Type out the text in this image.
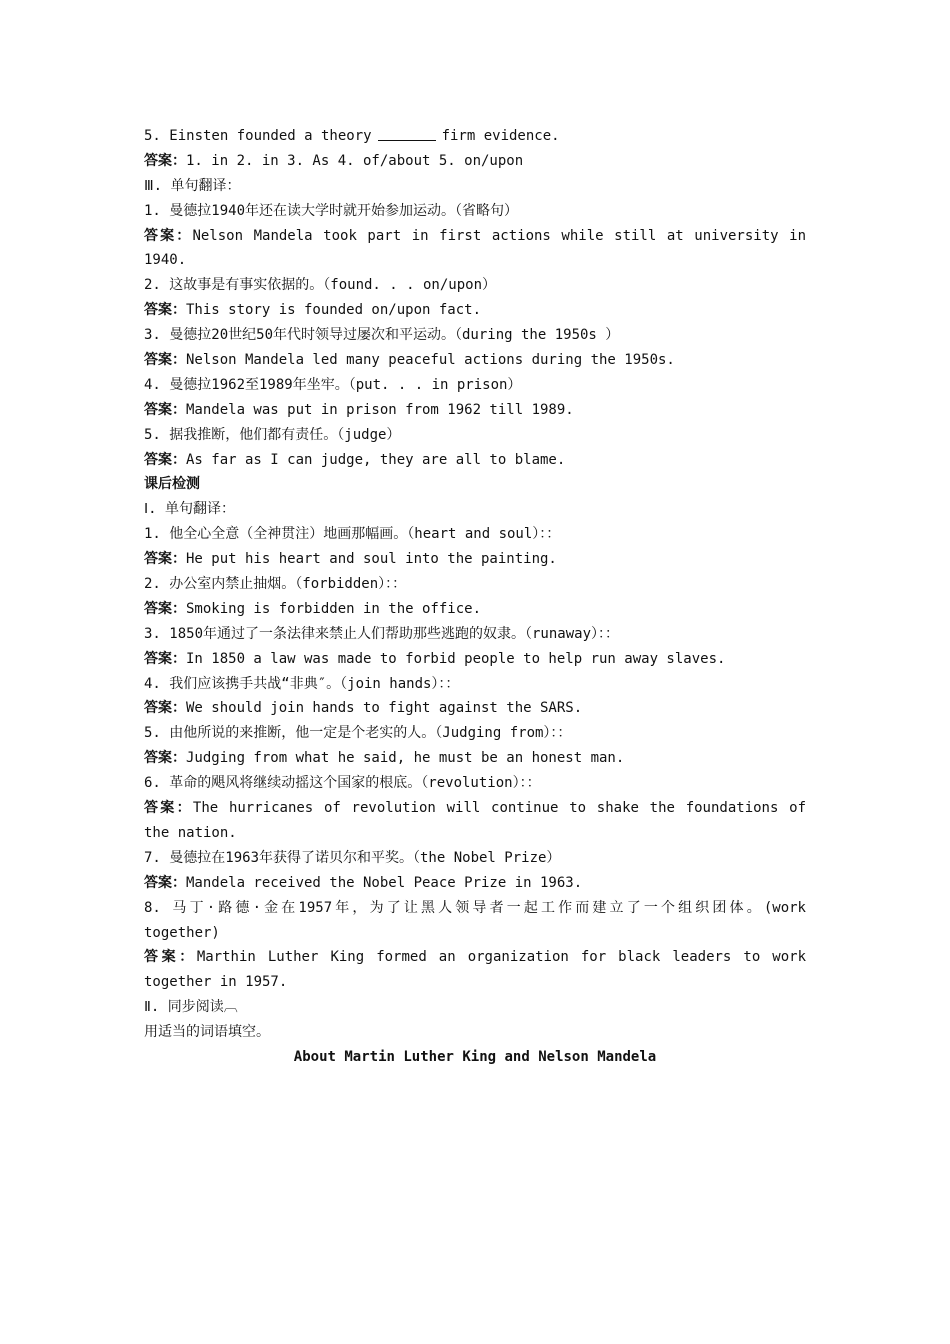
5. Einsten founded a theory	firm evidence.
答案：1. in 2. in 3. As 4. of/about 5. on/upon
Ⅲ. 单句翻译：
1. 曼德拉1940年还在读大学时就开始参加运动。（省略句）
答案：Nelson Mandela took part in first actions while still at university in
1940.
2. 这故事是有事实依据的。（found. . . on/upon）
答案：This story is founded on/upon fact.
3. 曼德拉20世纪50年代时领导过屡次和平运动。（during the 1950s ）
答案：Nelson Mandela led many peaceful actions during the 1950s.
4. 曼德拉1962至1989年坐牢。（put. . . in prison）
答案：Mandela was put in prison from 1962 till 1989.
5. 据我推断，他们都有责任。（judge）
答案：As far as I can judge, they are all to blame.
课后检测
Ⅰ. 单句翻译：
1. 他全心全意（全神贯注）地画那幅画。（heart and soul）：：
答案：He put his heart and soul into the painting.
2. 办公室内禁止抽烟。（forbidden）：：
答案：Smoking is forbidden in the office.
3. 1850年通过了一条法律来禁止人们帮助那些逃跑的奴隶。（runaway）：：
答案：In 1850 a law was made to forbid people to help run away slaves.
4. 我们应该携手共战“非典″。（join hands）：：
答案：We should join hands to fight against the SARS.
5. 由他所说的来推断，他一定是个老实的人。（Judging from）：：
答案：Judging from what he said, he must be an honest man.
6. 革命的飓风将继续动摇这个国家的根底。（revolution）：：
答案：The hurricanes of revolution will continue to shake the foundations of
the nation.
7. 曼德拉在1963年获得了诺贝尔和平奖。（the Nobel Prize）
答案：Mandela received the Nobel Peace Prize in 1963.
8. 马丁·路德·金在1957年，为了让黑人领导者一起工作而建立了一个组织团体。(work
together)
答案：Marthin Luther King formed an organization for black leaders to work
together in 1957.
Ⅱ. 同步阅读︹
用适当的词语填空。
About Martin Luther King and Nelson Mandela
